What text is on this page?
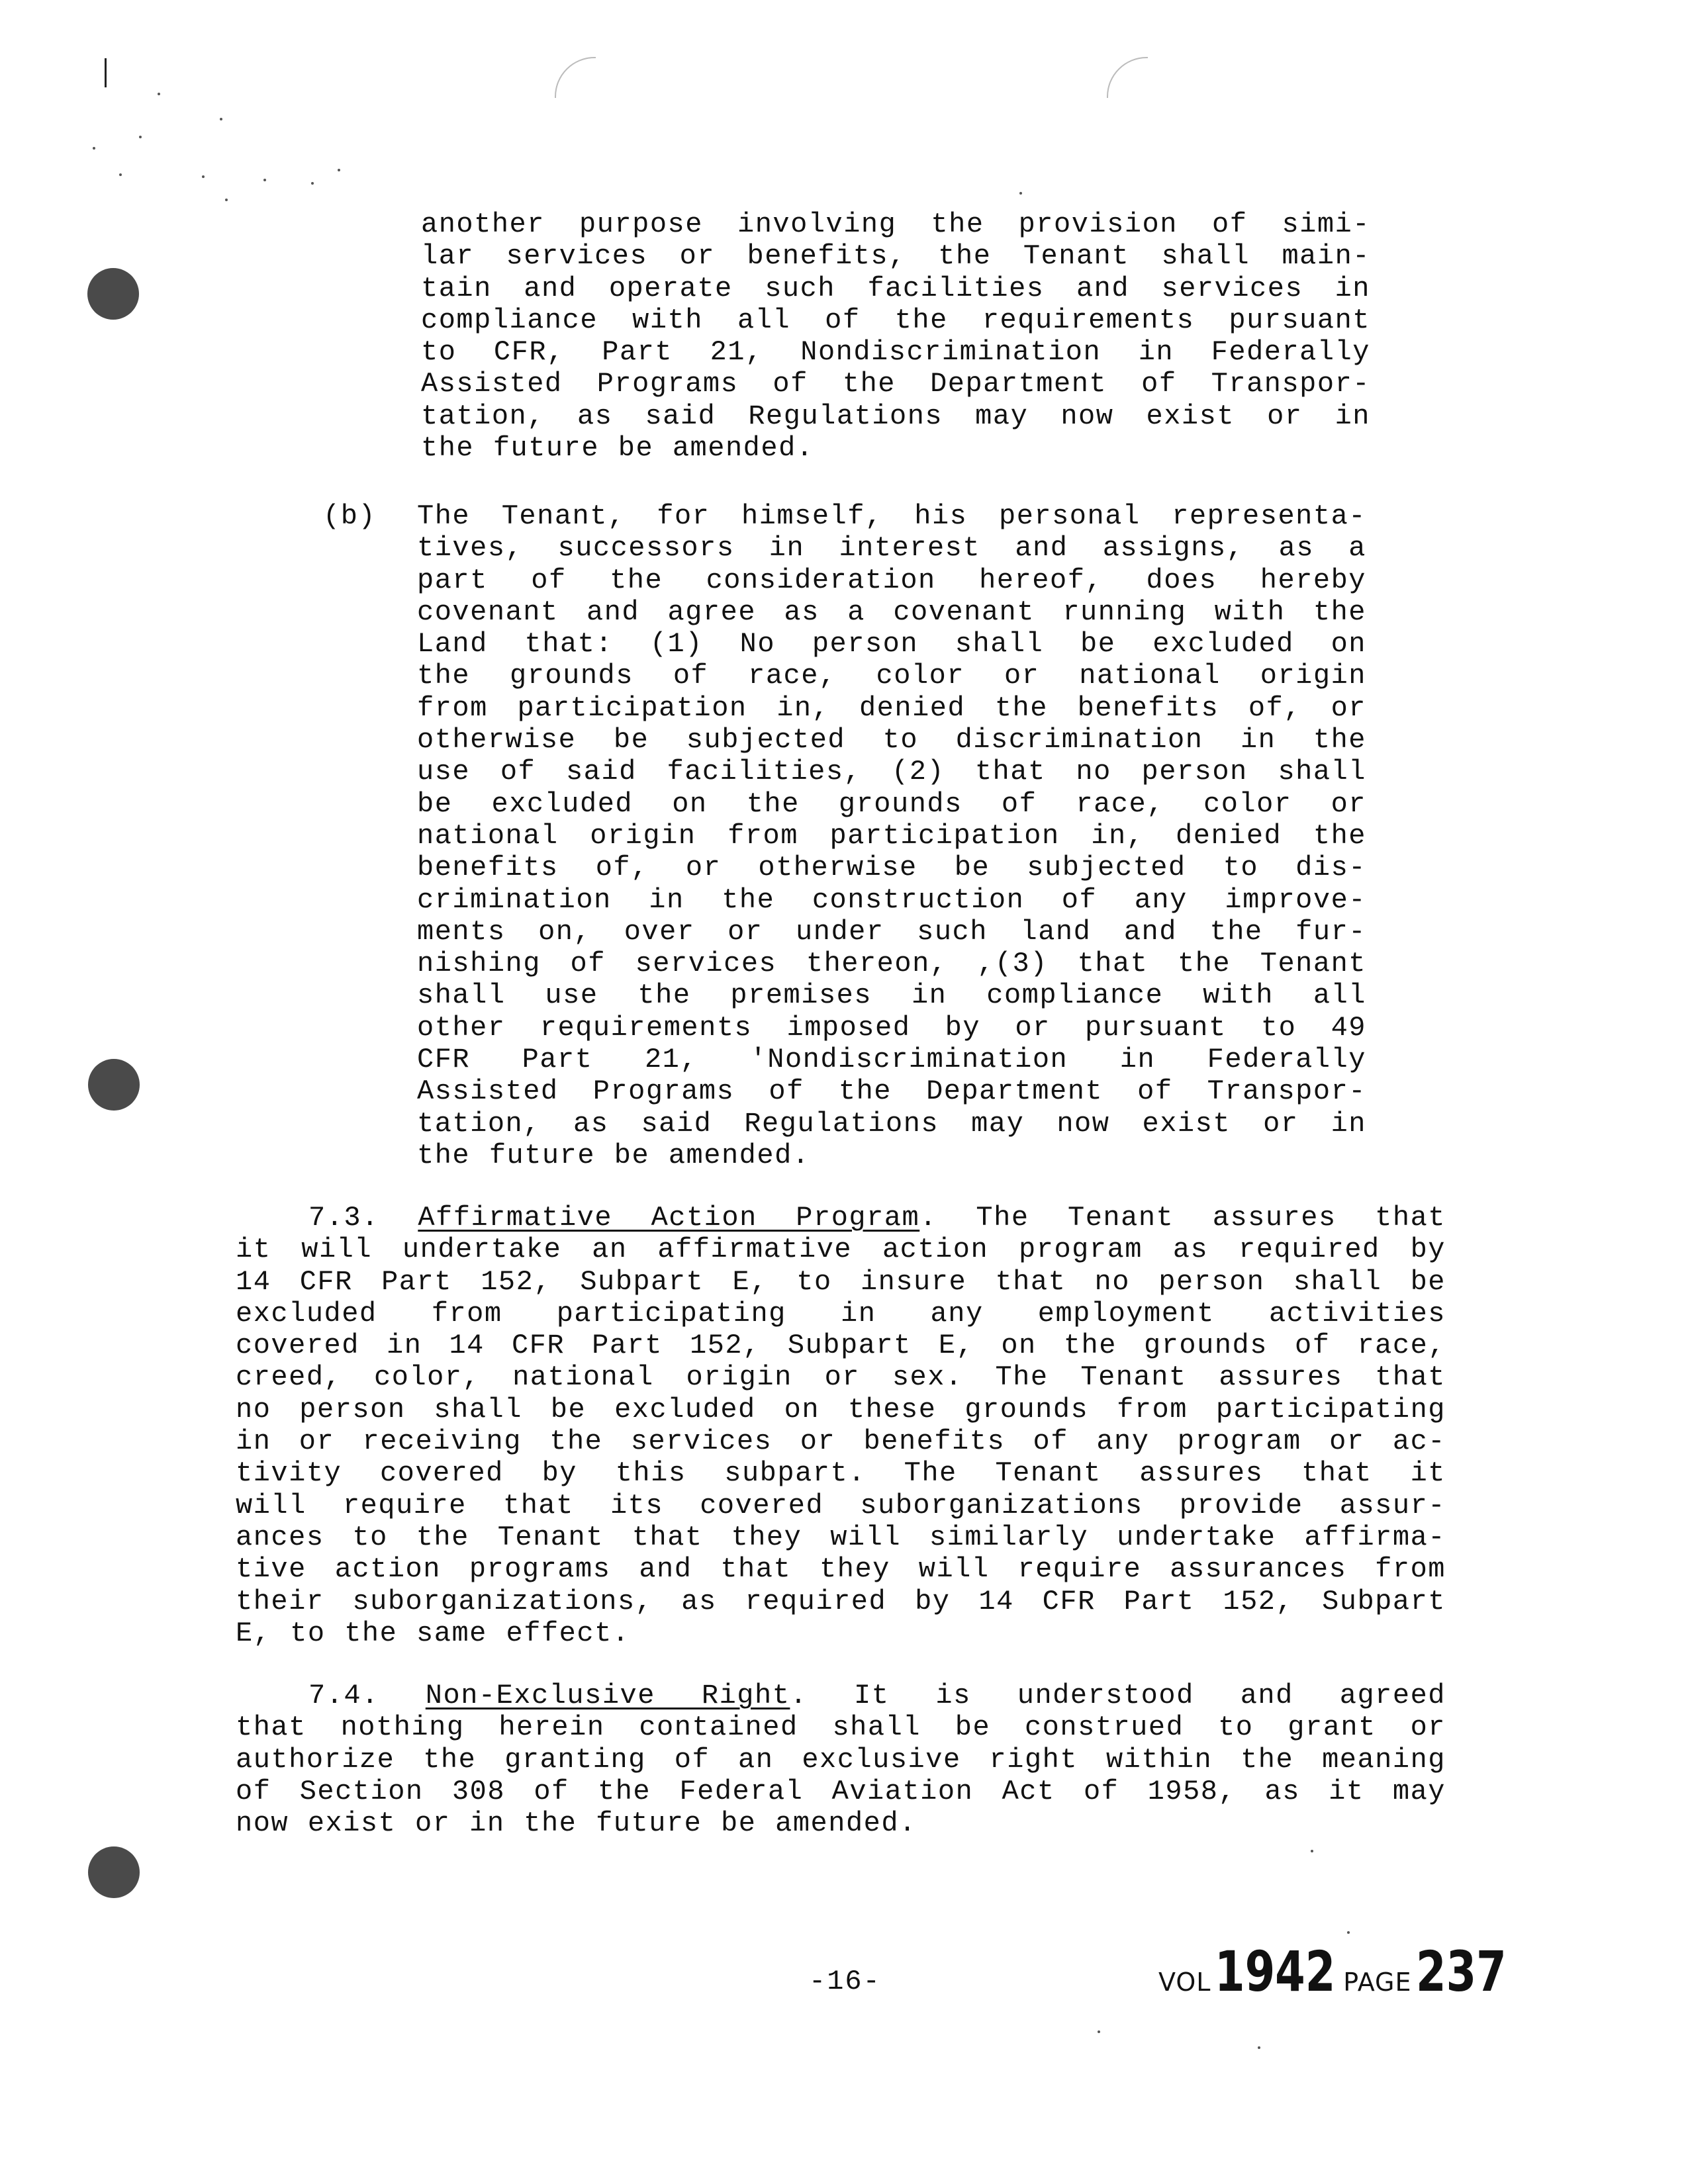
another purpose involving the provision of simi-
lar services or benefits, the Tenant shall main-
tain and operate such facilities and services in
compliance with all of the requirements pursuant
to CFR, Part 21, Nondiscrimination in Federally
Assisted Programs of the Department of Transpor-
tation, as said Regulations may now exist or in
the future be amended.
(b) The Tenant, for himself, his personal representa-
tives, successors in interest and assigns, as a
part of the consideration hereof, does hereby
covenant and agree as a covenant running with the
Land that: (1) No person shall be excluded on
the grounds of race, color or national origin
from participation in, denied the benefits of, or
otherwise be subjected to discrimination in the
use of said facilities, (2) that no person shall
be excluded on the grounds of race, color or
national origin from participation in, denied the
benefits of, or otherwise be subjected to dis-
crimination in the construction of any improve-
ments on, over or under such land and the fur-
nishing of services thereon, ,(3) that the Tenant
shall use the premises in compliance with all
other requirements imposed by or pursuant to 49
CFR Part 21, 'Nondiscrimination in Federally
Assisted Programs of the Department of Transpor-
tation, as said Regulations may now exist or in
the future be amended.
7.3. Affirmative Action Program. The Tenant assures that
it will undertake an affirmative action program as required by
14 CFR Part 152, Subpart E, to insure that no person shall be
excluded from participating in any employment activities
covered in 14 CFR Part 152, Subpart E, on the grounds of race,
creed, color, national origin or sex. The Tenant assures that
no person shall be excluded on these grounds from participating
in or receiving the services or benefits of any program or ac-
tivity covered by this subpart. The Tenant assures that it
will require that its covered suborganizations provide assur-
ances to the Tenant that they will similarly undertake affirma-
tive action programs and that they will require assurances from
their suborganizations, as required by 14 CFR Part 152, Subpart
E, to the same effect.
7.4. Non-Exclusive Right. It is understood and agreed
that nothing herein contained shall be construed to grant or
authorize the granting of an exclusive right within the meaning
of Section 308 of the Federal Aviation Act of 1958, as it may
now exist or in the future be amended.
-16-	VOL 1942 PAGE 237
